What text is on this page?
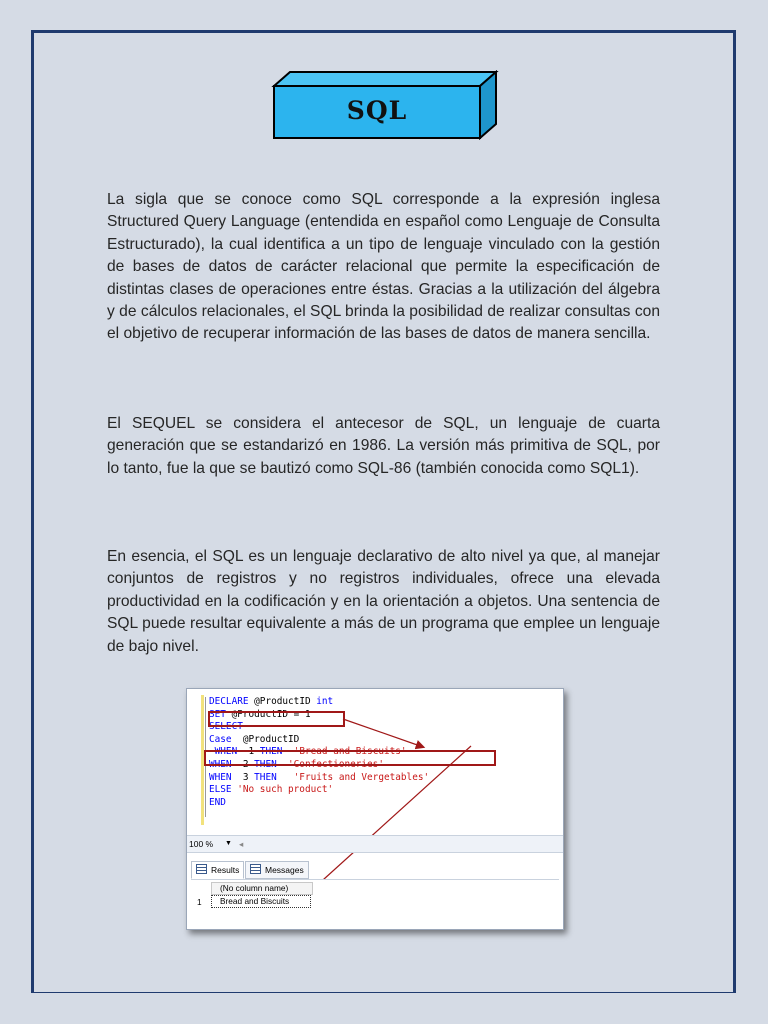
SQL

La sigla que se conoce como SQL corresponde a la expresión inglesa Structured Query Language (entendida en español como Lenguaje de Consulta Estructurado), la cual identifica a un tipo de lenguaje vinculado con la gestión de bases de datos de carácter relacional que permite la especificación de distintas clases de operaciones entre éstas. Gracias a la utilización del álgebra y de cálculos relacionales, el SQL brinda la posibilidad de realizar consultas con el objetivo de recuperar información de las bases de datos de manera sencilla.

El SEQUEL se considera el antecesor de SQL, un lenguaje de cuarta generación que se estandarizó en 1986. La versión más primitiva de SQL, por lo tanto, fue la que se bautizó como SQL-86 (también conocida como SQL1).

En esencia, el SQL es un lenguaje declarativo de alto nivel ya que, al manejar conjuntos de registros y no registros individuales, ofrece una elevada productividad en la codificación y en la orientación a objetos. Una sentencia de SQL puede resultar equivalente a más de un programa que emplee un lenguaje de bajo nivel.

DECLARE @ProductID int
SET @ProductID = 1
SELECT
Case  @ProductID
WHEN  1 THEN  'Bread and Biscuits'
WHEN  2 THEN  'Confectioneries'
WHEN  3 THEN   'Fruits and Vergetables'
ELSE 'No such product'
END
100 % ▼ ◂
Results	Messages
(No column name)
1	Bread and Biscuits
